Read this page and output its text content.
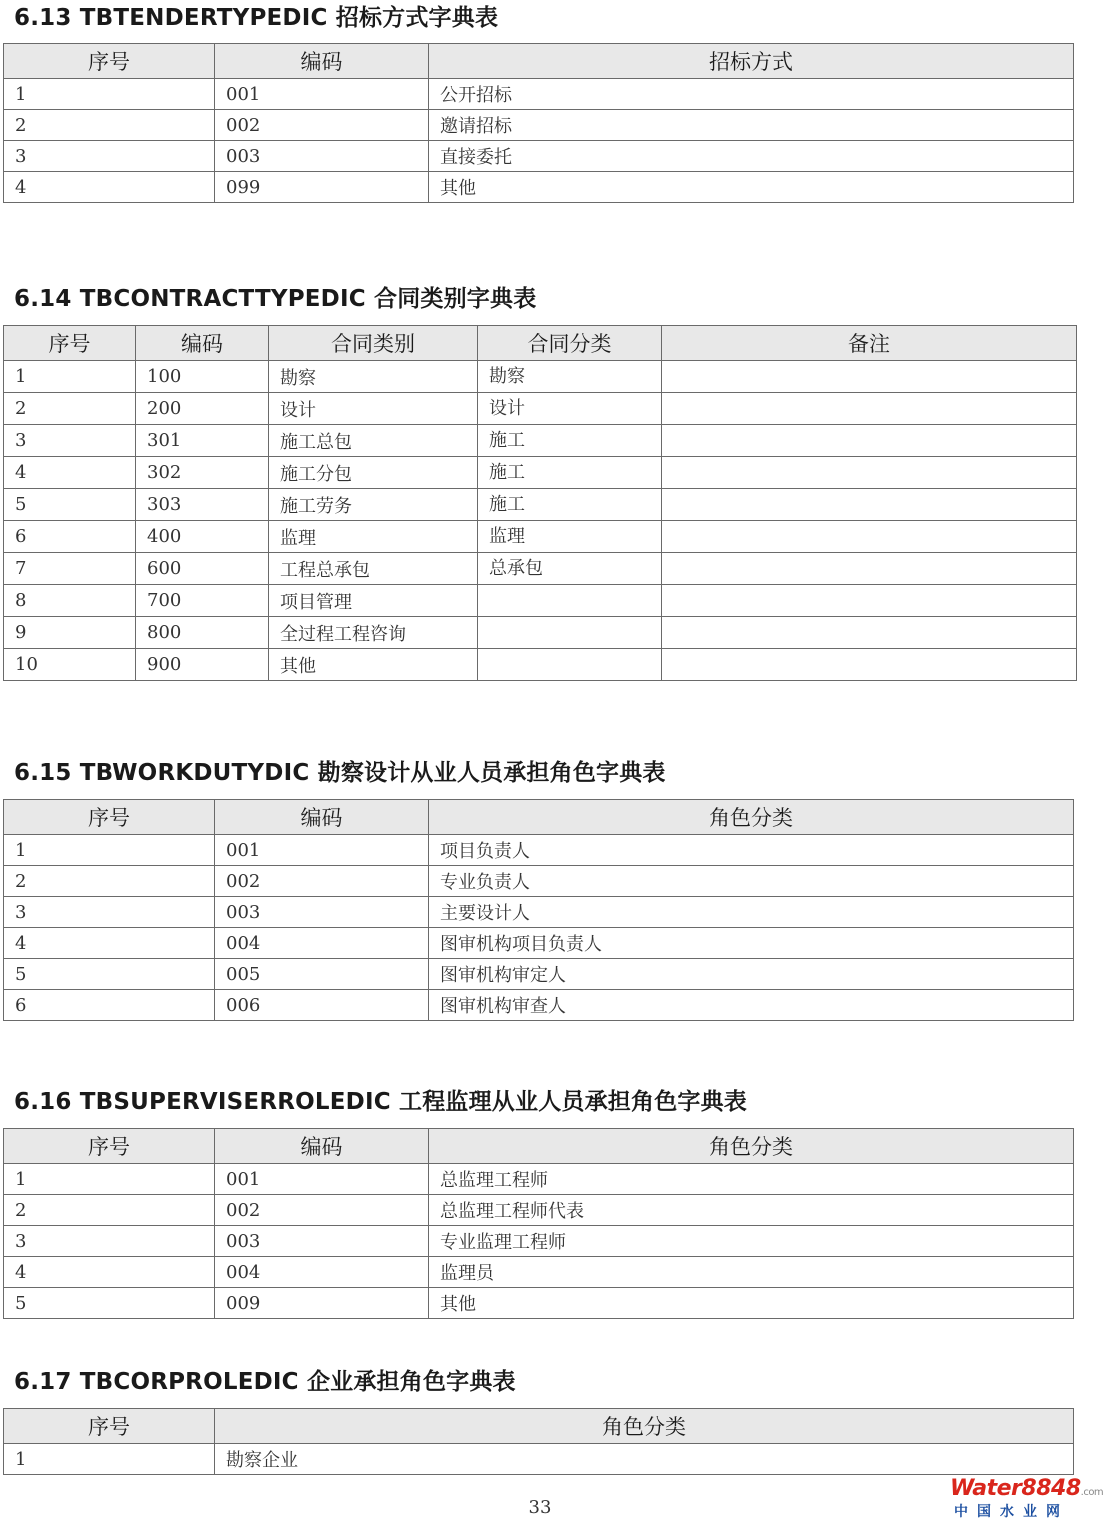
6.13 TBTENDERTYPEDIC 招标方式字典表
序号	编码	招标方式
1	001	公开招标
2	002	邀请招标
3	003	直接委托
4	099	其他
6.14 TBCONTRACTTYPEDIC 合同类别字典表
序号	编码	合同类别	合同分类	备注
1	100	勘察	勘察	
2	200	设计	设计	
3	301	施工总包	施工	
4	302	施工分包	施工	
5	303	施工劳务	施工	
6	400	监理	监理	
7	600	工程总承包	总承包	
8	700	项目管理		
9	800	全过程工程咨询		
10	900	其他		
6.15 TBWORKDUTYDIC 勘察设计从业人员承担角色字典表
序号	编码	角色分类
1	001	项目负责人
2	002	专业负责人
3	003	主要设计人
4	004	图审机构项目负责人
5	005	图审机构审定人
6	006	图审机构审查人
6.16 TBSUPERVISERROLEDIC 工程监理从业人员承担角色字典表
序号	编码	角色分类
1	001	总监理工程师
2	002	总监理工程师代表
3	003	专业监理工程师
4	004	监理员
5	009	其他
6.17 TBCORPROLEDIC 企业承担角色字典表
序号	角色分类
1	勘察企业
33
Water8848.com
中国水业网
